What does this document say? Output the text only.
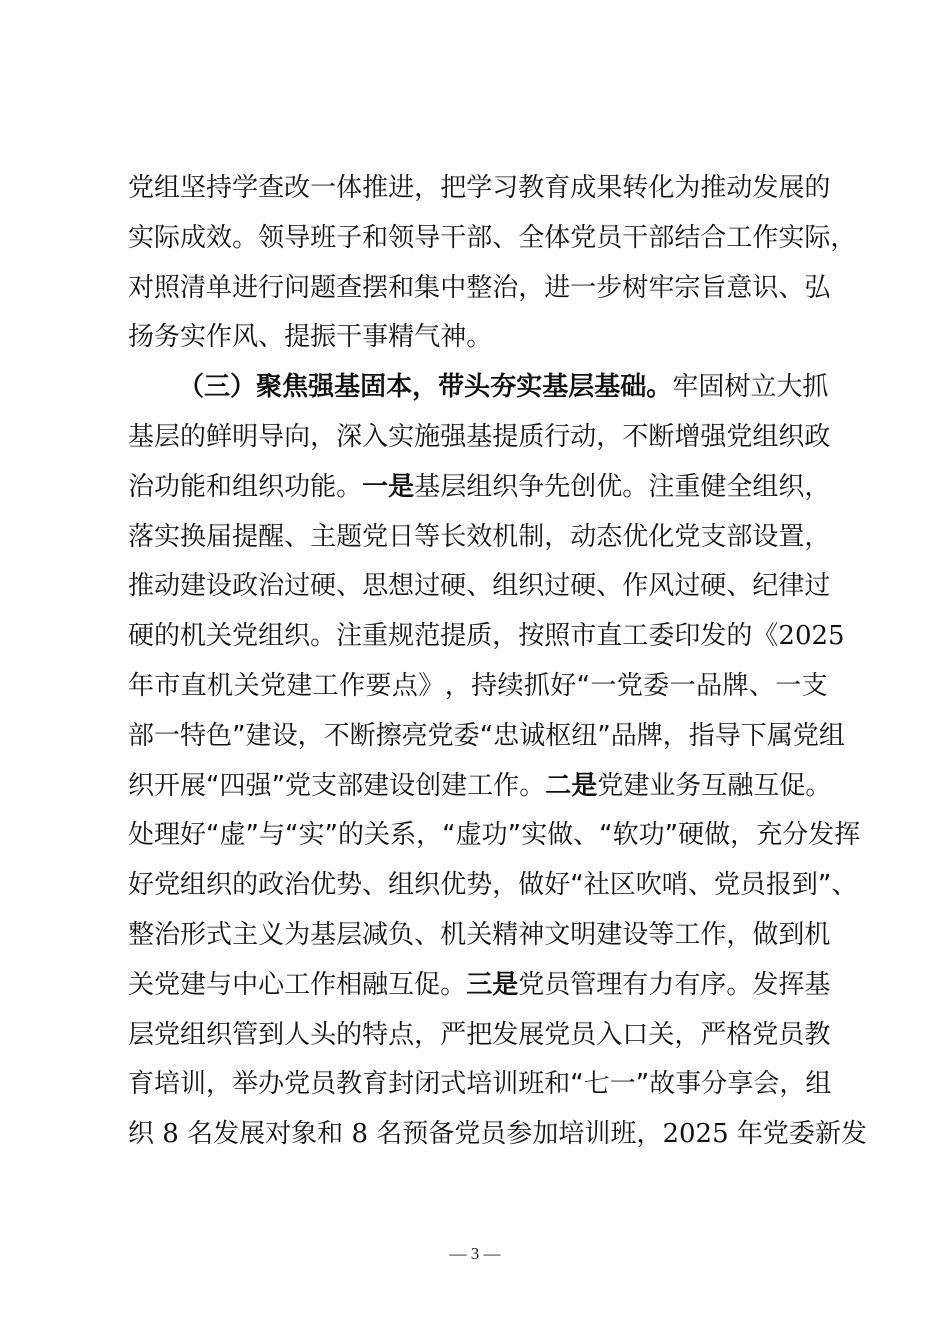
党 组 坚 持 学 查 改 一 体 推 进 ， 把 学 习 教 育 成 果 转 化 为 推 动 发 展 的
实 际 成 效 。 领 导 班 子 和 领 导 干 部 、 全 体 党 员 干 部 结 合 工 作 实 际 ，
对 照 清 单 进 行 问 题 查 摆 和 集 中 整 治 ， 进 一 步 树 牢 宗 旨 意 识 、 弘
扬 务 实 作 风 、 提 振 干 事 精 气 神 。
（ 三 ） 聚 焦 强 基 固 本 ， 带 头 夯 实 基 层 基 础 。 牢 固 树 立 大 抓
基 层 的 鲜 明 导 向 ， 深 入 实 施 强 基 提 质 行 动 ， 不 断 增 强 党 组 织 政
治 功 能 和 组 织 功 能 。 一 是 基 层 组 织 争 先 创 优 。 注 重 健 全 组 织 ，
落 实 换 届 提 醒 、 主 题 党 日 等 长 效 机 制 ， 动 态 优 化 党 支 部 设 置 ，
推 动 建 设 政 治 过 硬 、 思 想 过 硬 、 组 织 过 硬 、 作 风 过 硬 、 纪 律 过
硬 的 机 关 党 组 织 。 注 重 规 范 提 质 ， 按 照 市 直 工 委 印 发 的 《 2 0 2 5
年 市 直 机 关 党 建 工 作 要 点 》 ， 持 续 抓 好 “ 一 党 委 一 品 牌 、 一 支
部 一 特 色 ” 建 设 ， 不 断 擦 亮 党 委 “ 忠 诚 枢 纽 ” 品 牌 ， 指 导 下 属 党 组
织 开 展 “ 四 强 ” 党 支 部 建 设 创 建 工 作 。 二 是 党 建 业 务 互 融 互 促 。
处 理 好 “ 虚 ” 与 “ 实 ” 的 关 系 ， “ 虚 功 ” 实 做 、 “ 软 功 ” 硬 做 ， 充 分 发 挥
好 党 组 织 的 政 治 优 势 、 组 织 优 势 ， 做 好 “ 社 区 吹 哨 、 党 员 报 到 ” 、
整 治 形 式 主 义 为 基 层 减 负 、 机 关 精 神 文 明 建 设 等 工 作 ， 做 到 机
关 党 建 与 中 心 工 作 相 融 互 促 。 三 是 党 员 管 理 有 力 有 序 。 发 挥 基
层 党 组 织 管 到 人 头 的 特 点 ， 严 把 发 展 党 员 入 口 关 ， 严 格 党 员 教
育 培 训 ， 举 办 党 员 教 育 封 闭 式 培 训 班 和 “ 七 一 ” 故 事 分 享 会 ， 组
织
8
名 发 展 对 象 和
8
名 预 备 党 员 参 加 培 训 班 ， 2 0 2 5
年 党 委 新 发
— 3 —
